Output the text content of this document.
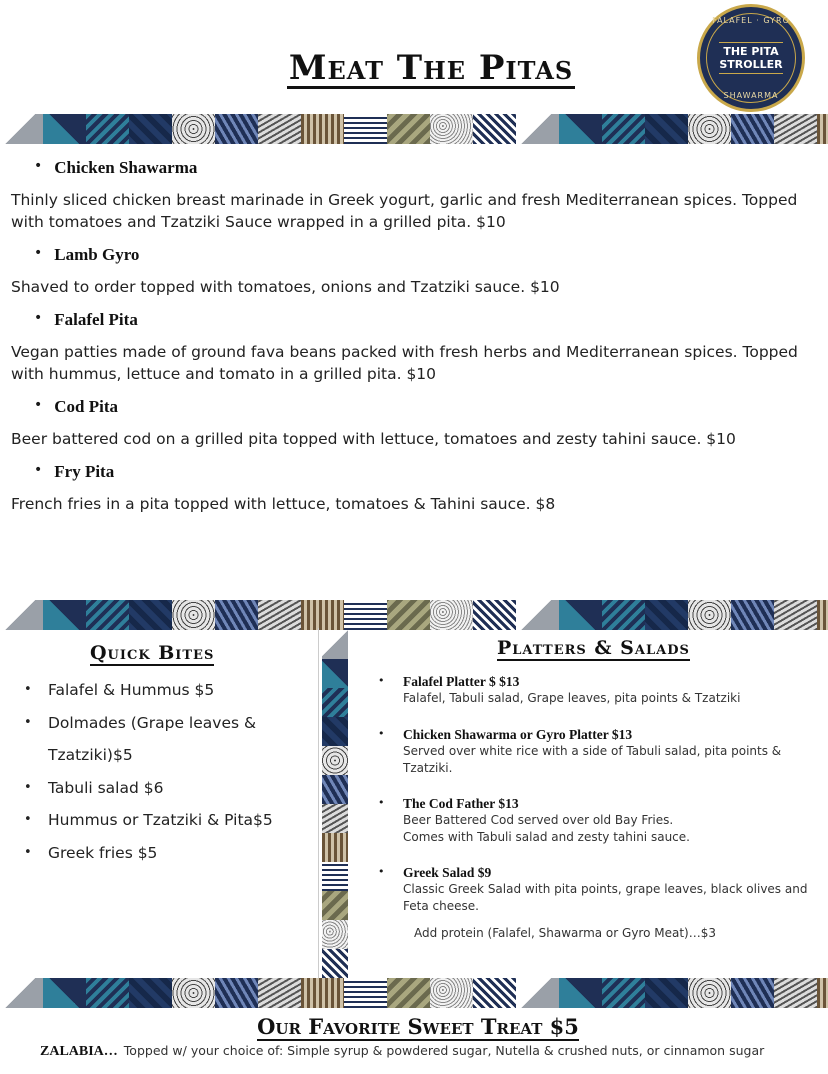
Meat The Pitas
FALAFEL · GYRO
THE PITA STROLLER
SHAWARMA
• Chicken Shawarma
Thinly sliced chicken breast marinade in Greek yogurt, garlic and fresh Mediterranean spices. Topped with tomatoes and Tzatziki Sauce wrapped in a grilled pita. $10
• Lamb Gyro
Shaved to order topped with tomatoes, onions and Tzatziki sauce. $10
• Falafel Pita
Vegan patties made of ground fava beans packed with fresh herbs and Mediterranean spices. Topped with hummus, lettuce and tomato in a grilled pita. $10
• Cod Pita
Beer battered cod on a grilled pita topped with lettuce, tomatoes and zesty tahini sauce. $10
• Fry Pita
French fries in a pita topped with lettuce, tomatoes & Tahini sauce. $8
Quick Bites
•	Falafel & Hummus $5
•	Dolmades (Grape leaves &
Tzatziki)$5
•	Tabuli salad $6
•	Hummus or Tzatziki & Pita$5
•	Greek fries $5
Platters & Salads
•	Falafel Platter $ $13
Falafel, Tabuli salad, Grape leaves, pita points & Tzatziki
•	Chicken Shawarma or Gyro Platter $13
Served over white rice with a side of Tabuli salad, pita points & Tzatziki.
•	The Cod Father $13
Beer Battered Cod served over old Bay Fries. Comes with Tabuli salad and zesty tahini sauce.
•	Greek Salad $9
Classic Greek Salad with pita points, grape leaves, black olives and Feta cheese.
Add protein (Falafel, Shawarma or Gyro Meat)…$3
Our Favorite Sweet Treat $5
ZALABIA… Topped w/ your choice of: Simple syrup & powdered sugar, Nutella & crushed nuts, or cinnamon sugar
